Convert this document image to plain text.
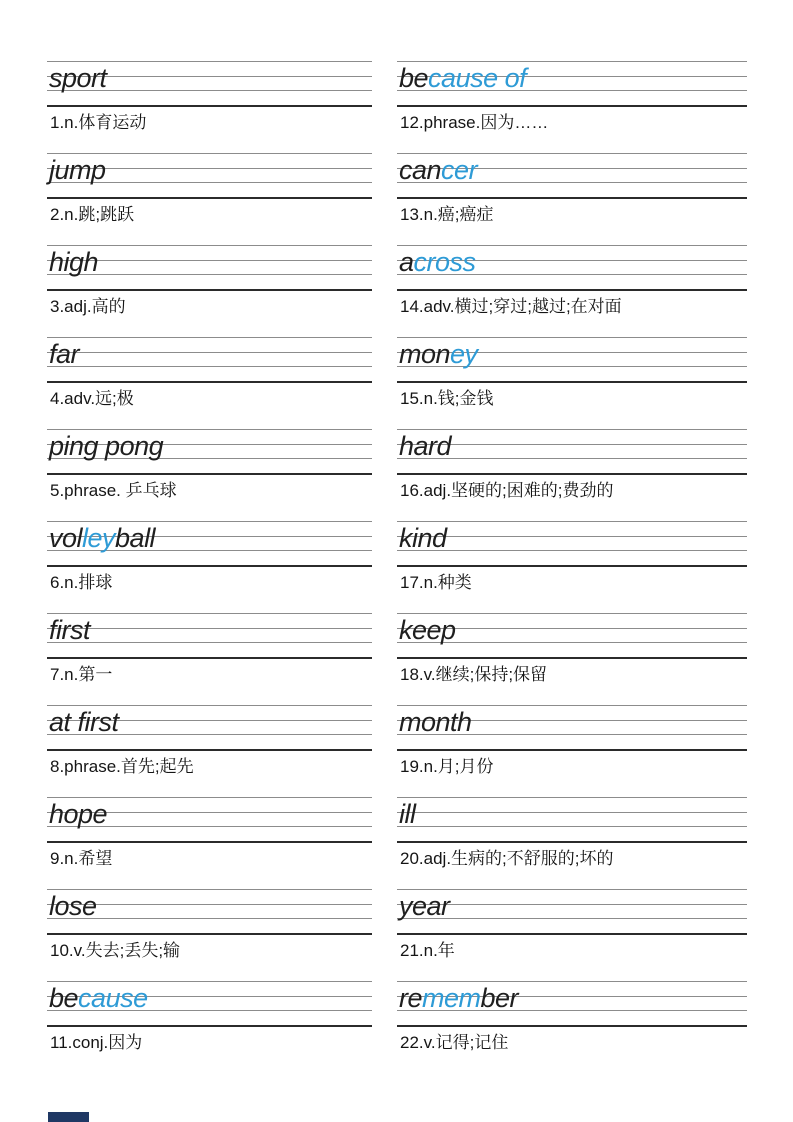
sport
1.n.体育运动
jump
2.n.跳;跳跃
high
3.adj.高的
far
4.adv.远;极
ping pong
5.phrase. 乒乓球
volleyball
6.n.排球
first
7.n.第一
at first
8.phrase.首先;起先
hope
9.n.希望
lose
10.v.失去;丢失;输
because
11.conj.因为
because of
12.phrase.因为……
cancer
13.n.癌;癌症
across
14.adv.横过;穿过;越过;在对面
money
15.n.钱;金钱
hard
16.adj.坚硬的;困难的;费劲的
kind
17.n.种类
keep
18.v.继续;保持;保留
month
19.n.月;月份
ill
20.adj.生病的;不舒服的;坏的
year
21.n.年
remember
22.v.记得;记住
